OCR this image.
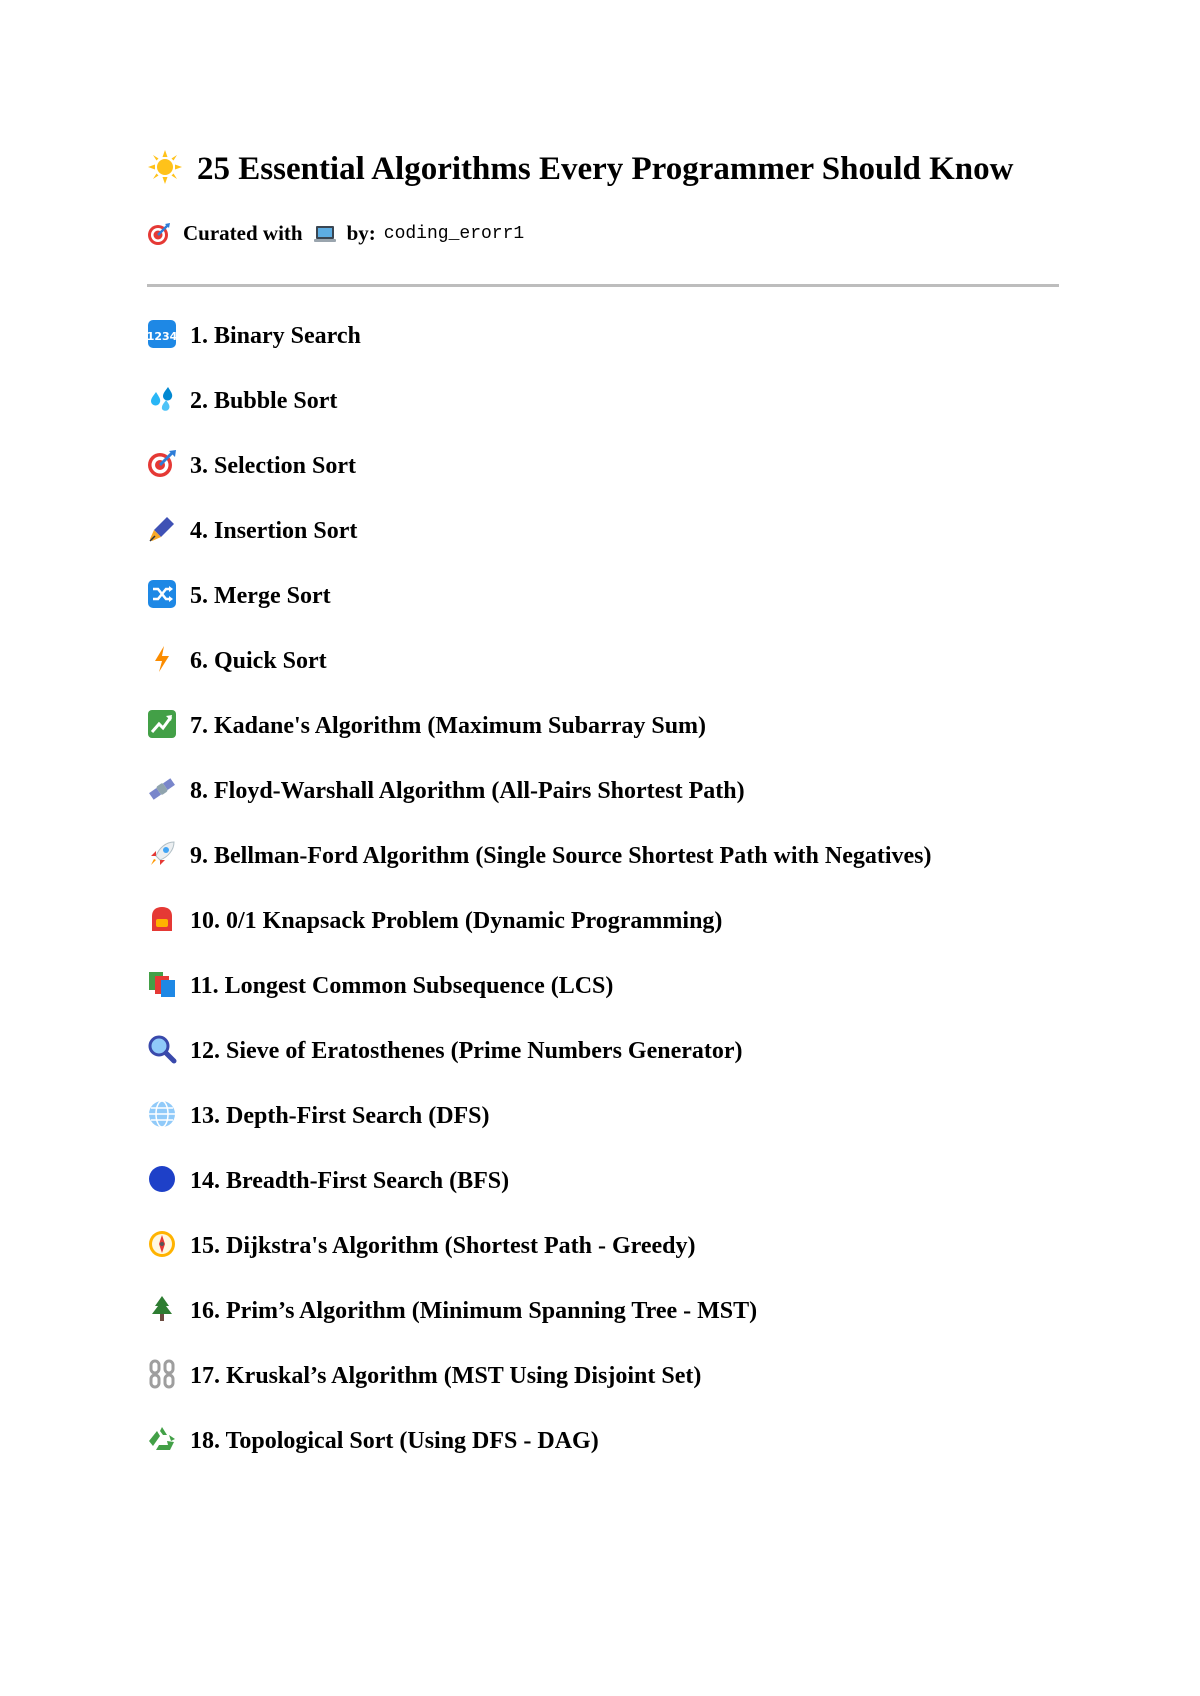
25 Essential Algorithms Every Programmer Should Know
Curated with by: coding_erorr1
1234 1. Binary Search
2. Bubble Sort
3. Selection Sort
4. Insertion Sort
5. Merge Sort
6. Quick Sort
7. Kadane's Algorithm (Maximum Subarray Sum)
8. Floyd-Warshall Algorithm (All-Pairs Shortest Path)
9. Bellman-Ford Algorithm (Single Source Shortest Path with Negatives)
10. 0/1 Knapsack Problem (Dynamic Programming)
11. Longest Common Subsequence (LCS)
12. Sieve of Eratosthenes (Prime Numbers Generator)
13. Depth-First Search (DFS)
14. Breadth-First Search (BFS)
15. Dijkstra's Algorithm (Shortest Path - Greedy)
16. Prim’s Algorithm (Minimum Spanning Tree - MST)
17. Kruskal’s Algorithm (MST Using Disjoint Set)
18. Topological Sort (Using DFS - DAG)
